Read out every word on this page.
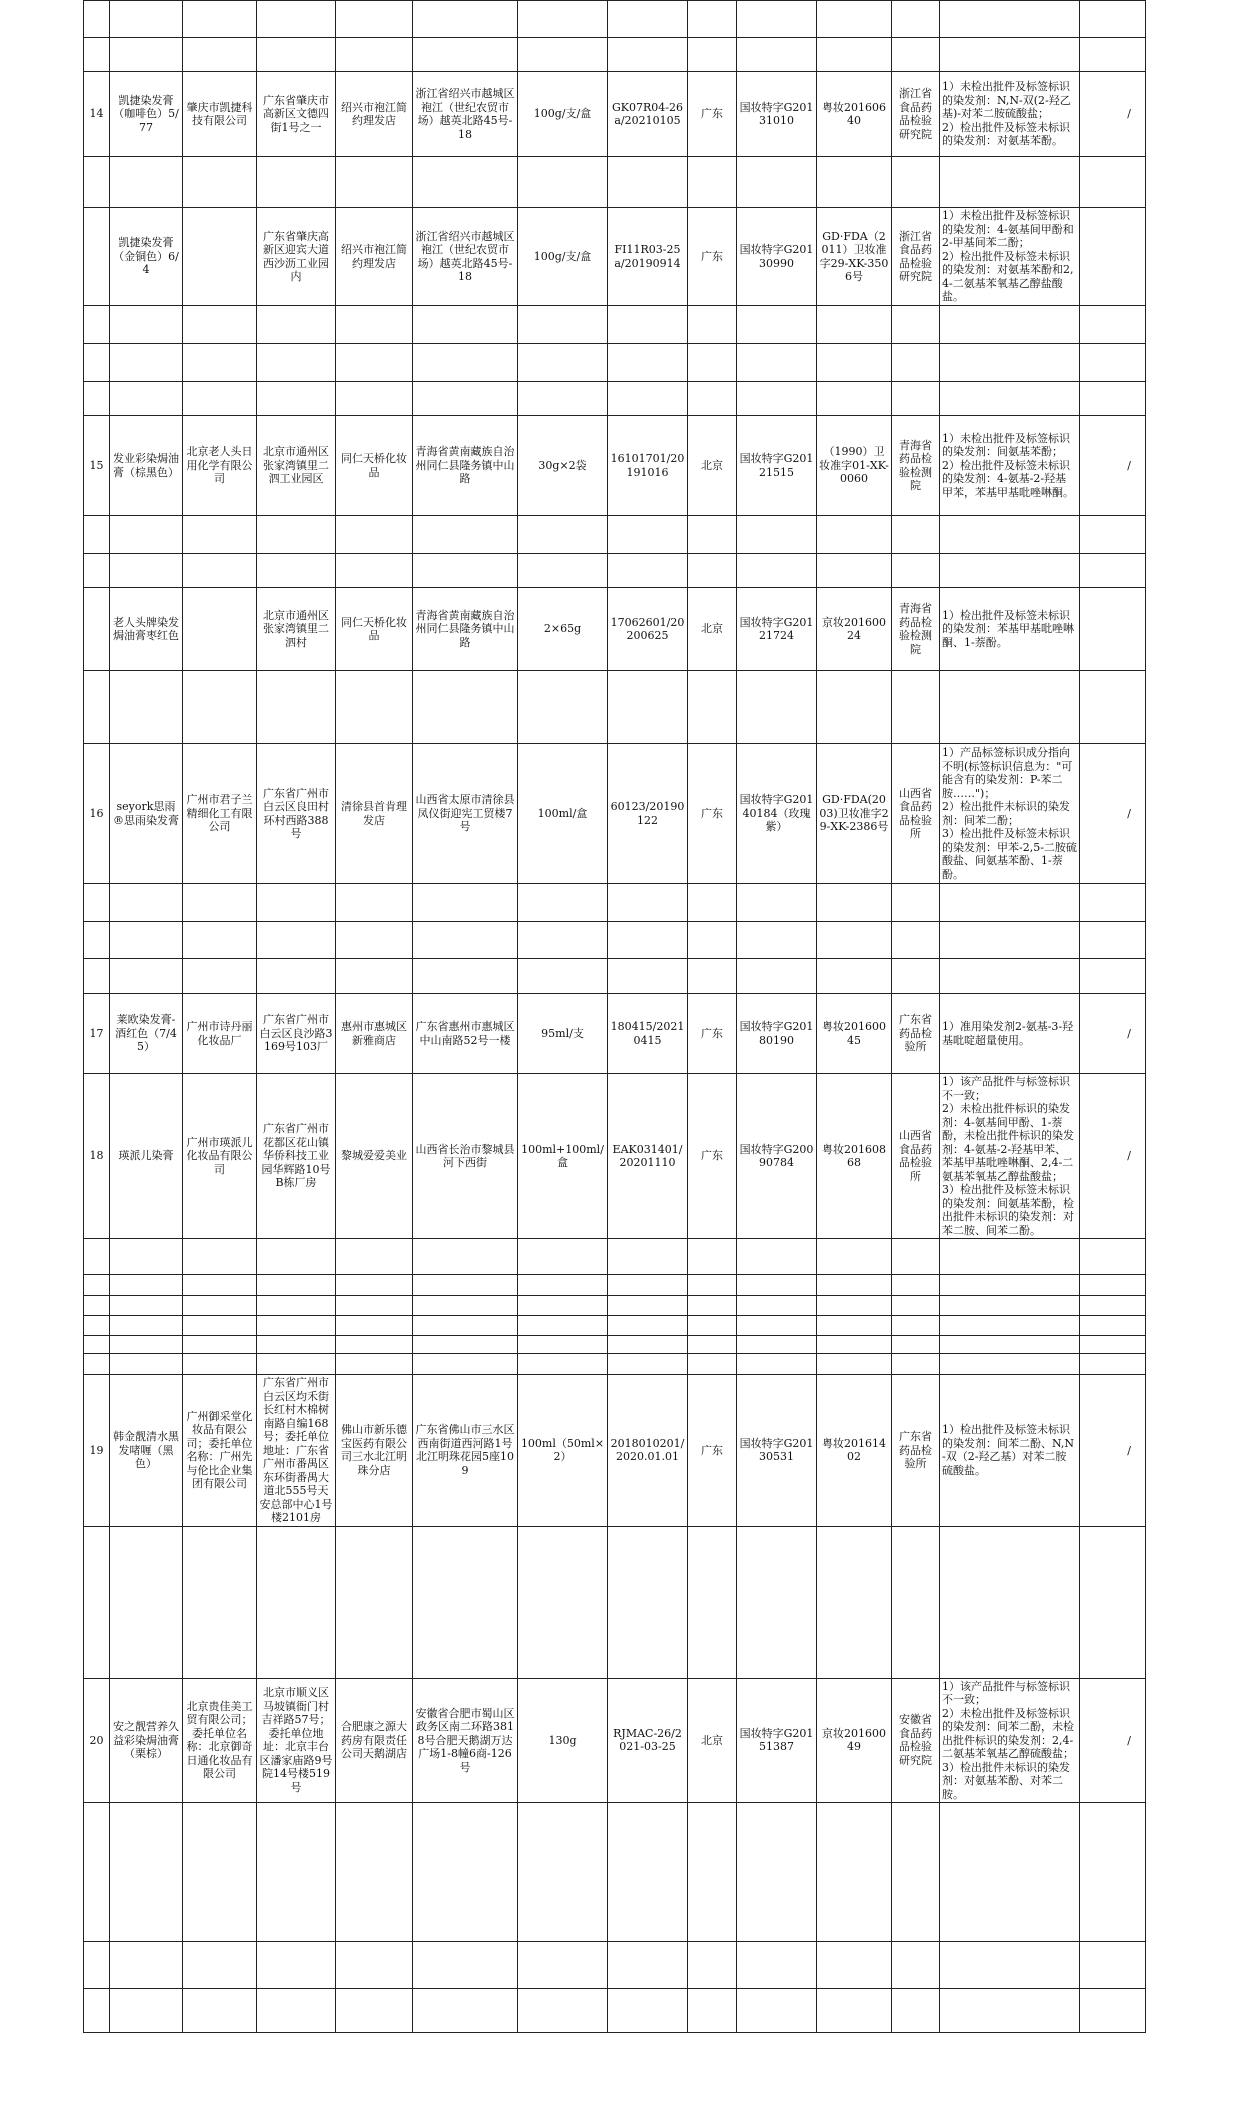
14	凯捷染发膏（咖啡色）5/77	肇庆市凯捷科技有限公司	广东省肇庆市高新区文德四街1号之一	绍兴市袍江简约理发店	浙江省绍兴市越城区袍江（世纪农贸市场）越英北路45号-18	100g/支/盒	GK07R04-26a/20210105	广东	国妆特字G20131010	粤妆20160640	浙江省食品药品检验研究院	1）未检出批件及标签标识的染发剂：N,N-双(2-羟乙基)-对苯二胺硫酸盐；
2）检出批件及标签未标识的染发剂：对氨基苯酚。	/

	凯捷染发膏（金铜色）6/4		广东省肇庆高新区迎宾大道西沙沥工业园内	绍兴市袍江简约理发店	浙江省绍兴市越城区袍江（世纪农贸市场）越英北路45号-18	100g/支/盒	FI11R03-25a/20190914	广东	国妆特字G20130990	GD·FDA（2011）卫妆准字29-XK-3506号	浙江省食品药品检验研究院	1）未检出批件及标签标识的染发剂：4-氨基间甲酚和2-甲基间苯二酚；
2）检出批件及标签未标识的染发剂：对氨基苯酚和2,4-二氨基苯氧基乙醇盐酸盐。	

15	发业彩染焗油膏（棕黑色）	北京老人头日用化学有限公司	北京市通州区张家湾镇里二泗工业园区	同仁天桥化妆品	青海省黄南藏族自治州同仁县隆务镇中山路	30g×2袋	16101701/20191016	北京	国妆特字G20121515	（1990）卫妆准字01-XK-0060	青海省药品检验检测院	1）未检出批件及标签标识的染发剂：间氨基苯酚；
2）检出批件及标签未标识的染发剂：4-氨基-2-羟基甲苯，苯基甲基吡唑啉酮。	/

	老人头牌染发焗油膏枣红色		北京市通州区张家湾镇里二泗村	同仁天桥化妆品	青海省黄南藏族自治州同仁县隆务镇中山路	2×65g	17062601/20200625	北京	国妆特字G20121724	京妆20160024	青海省药品检验检测院	1）检出批件及标签未标识的染发剂：苯基甲基吡唑啉酮、1-萘酚。	

16	seyork思雨®思雨染发膏	广州市君子兰精细化工有限公司	广东省广州市白云区良田村环村西路388号	清徐县首肯理发店	山西省太原市清徐县凤仪街迎宪工贸楼7号	100ml/盒	60123/20190122	广东	国妆特字G20140184（玫瑰紫）	GD·FDA(2003)卫妆准字29-XK-2386号	山西省食品药品检验所	1）产品标签标识成分指向不明(标签标识信息为："可能含有的染发剂：P-苯二胺……")；
2）检出批件未标识的染发剂：间苯二酚；
3）检出批件及标签未标识的染发剂：甲苯-2,5-二胺硫酸盐、间氨基苯酚、1-萘酚。	/

17	莱欧染发膏-酒红色（7/45）	广州市诗丹丽化妆品厂	广东省广州市白云区良沙路3169号103厂	惠州市惠城区新雅商店	广东省惠州市惠城区中山南路52号一楼	95ml/支	180415/20210415	广东	国妆特字G20180190	粤妆20160045	广东省药品检验所	1）准用染发剂2-氨基-3-羟基吡啶超量使用。	/
18	瑛派儿染膏	广州市瑛派儿化妆品有限公司	广东省广州市花都区花山镇华侨科技工业园华辉路10号B栋厂房	黎城爱爱美业	山西省长治市黎城县河下西街	100ml+100ml/盒	EAK031401/20201110	广东	国妆特字G20090784	粤妆20160868	山西省食品药品检验所	1）该产品批件与标签标识不一致；
2）未检出批件标识的染发剂：4-氨基间甲酚、1-萘酚，未检出批件标识的染发剂：4-氨基-2-羟基甲苯、苯基甲基吡唑啉酮、2,4-二氨基苯氧基乙醇盐酸盐；
3）检出批件及标签未标识的染发剂：间氨基苯酚，检出批件未标识的染发剂：对苯二胺、间苯二酚。	/

19	韩金靓清水黑发啫喱（黑色）	广州御采堂化妆品有限公司；委托单位名称：广州先与伦比企业集团有限公司	广东省广州市白云区均禾街长红村木棉树南路自编168号；委托单位地址：广东省广州市番禺区东环街番禺大道北555号天安总部中心1号楼2101房	佛山市新乐德宝医药有限公司三水北江明珠分店	广东省佛山市三水区西南街道西河路1号北江明珠花园5座109	100ml（50ml×2）	2018010201/2020.01.01	广东	国妆特字G20130531	粤妆20161402	广东省药品检验所	1）检出批件及标签未标识的染发剂：间苯二酚、N,N-双（2-羟乙基）对苯二胺硫酸盐。	/

20	安之靓营养久益彩染焗油膏（栗棕）	北京贵佳美工贸有限公司；委托单位名称：北京御奇日通化妆品有限公司	北京市顺义区马坡镇衙门村吉祥路57号；委托单位地址：北京丰台区潘家庙路9号院14号楼519号	合肥康之源大药房有限责任公司天鹅湖店	安徽省合肥市蜀山区政务区南二环路3818号合肥天鹅湖万达广场1-8幢6商-126号	130g	RJMAC-26/2021-03-25	北京	国妆特字G20151387	京妆20160049	安徽省食品药品检验研究院	1）该产品批件与标签标识不一致；
2）未检出批件及标签标识的染发剂：间苯二酚，未检出批件标识的染发剂：2,4-二氨基苯氧基乙醇硫酸盐；
3）检出批件未标识的染发剂：对氨基苯酚、对苯二胺。	/
